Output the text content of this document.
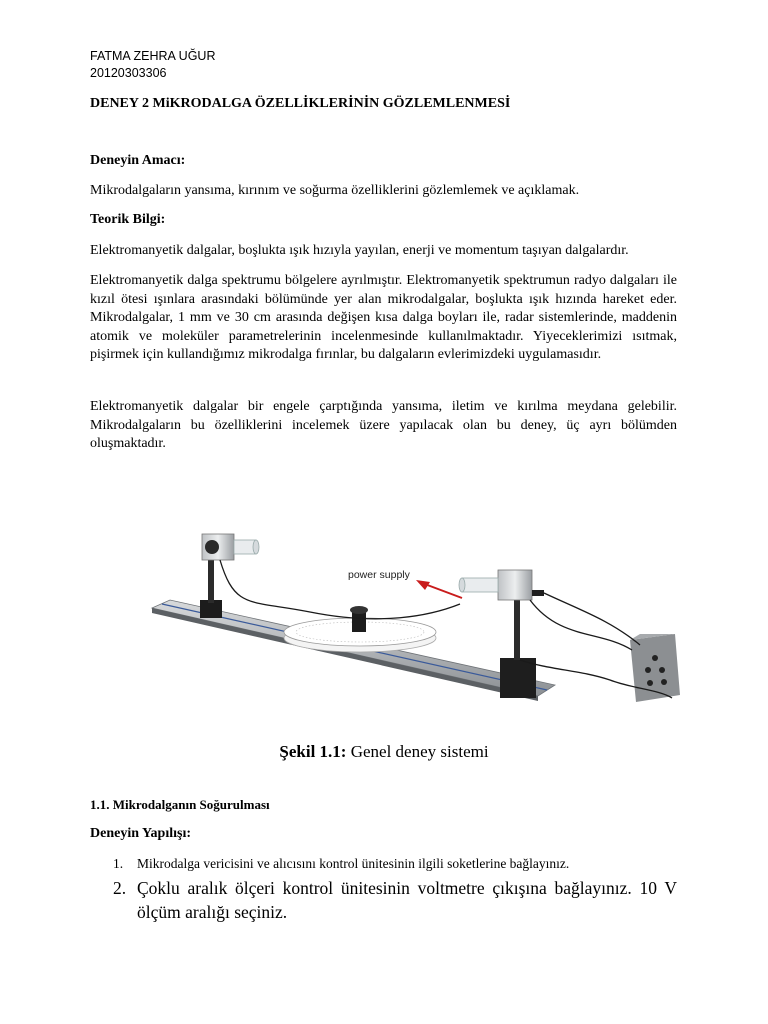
FATMA ZEHRA UĞUR
20120303306
DENEY 2 MiKRODALGA ÖZELLİKLERİNİN GÖZLEMLENMESİ
Deneyin Amacı:
Mikrodalgaların yansıma, kırınım ve soğurma özelliklerini gözlemlemek ve açıklamak.
Teorik Bilgi:
Elektromanyetik dalgalar, boşlukta ışık hızıyla yayılan, enerji ve momentum taşıyan dalgalardır.
Elektromanyetik dalga spektrumu bölgelere ayrılmıştır. Elektromanyetik spektrumun radyo dalgaları ile kızıl ötesi ışınlara arasındaki bölümünde yer alan mikrodalgalar, boşlukta ışık hızında hareket eder. Mikrodalgalar, 1 mm ve 30 cm arasında değişen kısa dalga boyları ile, radar sistemlerinde, maddenin atomik ve moleküler parametrelerinin incelenmesinde kullanılmaktadır. Yiyeceklerimizi ısıtmak, pişirmek için kullandığımız mikrodalga fırınlar, bu dalgaların evlerimizdeki uygulamasıdır.
Elektromanyetik dalgalar bir engele çarptığında yansıma, iletim ve kırılma meydana gelebilir. Mikrodalgaların bu özelliklerini incelemek üzere yapılacak olan bu deney, üç ayrı bölümden oluşmaktadır.
power supply
Şekil 1.1: Genel deney sistemi
1.1. Mikrodalganın Soğurulması
Deneyin Yapılışı:
1. Mikrodalga vericisini ve alıcısını kontrol ünitesinin ilgili soketlerine bağlayınız.
2. Çoklu aralık ölçeri kontrol ünitesinin voltmetre çıkışına bağlayınız. 10 V ölçüm aralığı seçiniz.
